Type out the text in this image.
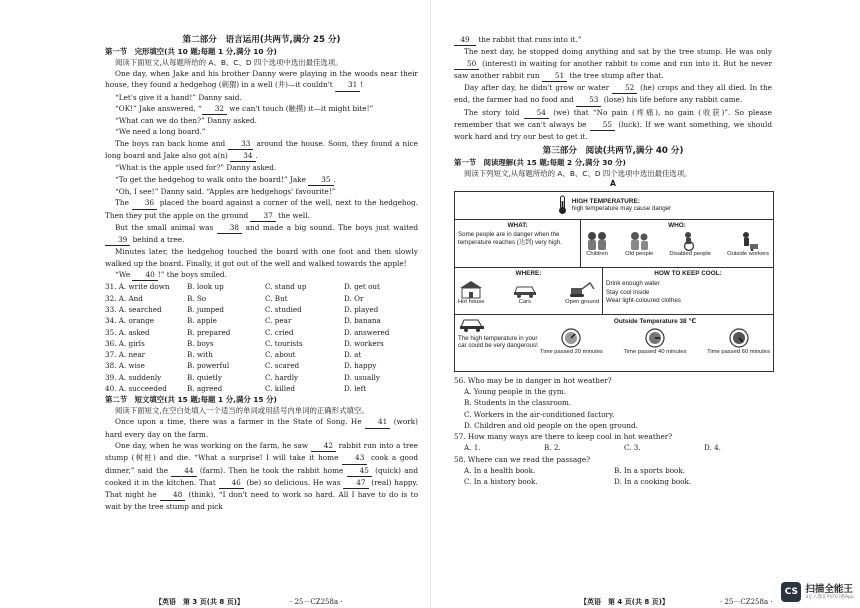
第二部分　语言运用(共两节,满分 25 分)

第一节　完形填空(共 10 题;每题 1 分,满分 10 分)

阅读下面短文,从每题所给的 A、B、C、D 四个选项中选出最佳选项。

One day, when Jake and his brother Danny were playing in the woods near their house, they found a hedgehog (刺猬) in a well (井)—it couldn't 31 !

“Let's give it a hand!” Danny said.

“OK!” Jake answered, “ 32 we can't touch (触摸) it—it might bite!”

“What can we do then?” Danny asked.

“We need a long board.”

The boys ran back home and 33 around the house. Soon, they found a nice long board and Jake also got a(n) 34 .

“What is the apple used for?” Danny asked.

“To get the hedgehog to walk onto the board!” Jake 35 .

“Oh, I see!” Danny said. “Apples are hedgehogs' favourite!”

The 36 placed the board against a corner of the well, next to the hedgehog. Then they put the apple on the ground 37 the well.

But the small animal was 38 and made a big sound. The boys just waited 39 behind a tree.

Minutes later, the hedgehog touched the board with one foot and then slowly walked up the board. Finally, it got out of the well and walked towards the apple!

“We 40 !” the boys smiled.

31. A. write down	B. look up	C. stand up	D. get out
32. A. And	B. So	C. But	D. Or
33. A. searched	B. jumped	C. studied	D. played
34. A. orange	B. apple	C. pear	D. banana
35. A. asked	B. prepared	C. cried	D. answered
36. A. girls	B. boys	C. tourists	D. workers
37. A. near	B. with	C. about	D. at
38. A. wise	B. powerful	C. scared	D. happy
39. A. suddenly	B. quietly	C. hardly	D. usually
40. A. succeeded	B. agreed	C. killed	D. left

第二节　短文填空(共 15 题;每题 1 分,满分 15 分)

阅读下面短文,在空白处填入一个适当的单词或用括号内单词的正确形式填空。

Once upon a time, there was a farmer in the State of Song. He 41 (work) hard every day on the farm.

One day, when he was working on the farm, he saw 42 rabbit run into a tree stump (树桩) and die. “What a surprise! I will take it home 43 cook a good dinner,” said the 44 (farm). Then he took the rabbit home 45 (quick) and cooked it in the kitchen. That 46 (be) so delicious. He was 47 (real) happy. That night he 48 (think), “I don't need to work so hard. All I have to do is to wait by the tree stump and pick

【英语　第 3 页(共 8 页)】	· 25－CZ258a ·

49 the rabbit that runs into it.”

The next day, he stopped doing anything and sat by the tree stump. He was only 50 (interest) in waiting for another rabbit to come and run into it. But he never saw another rabbit run 51 the tree stump after that.

Day after day, he didn't grow or water 52 (he) crops and they all died. In the end, the farmer had no food and 53 (lose) his life before any rabbit came.

The story told 54 (we) that “No pain (疼痛), no gain (收获)”. So please remember that we can't always be 55 (luck). If we want something, we should work hard and try our best to get it.

第三部分　阅读(共两节,满分 40 分)

第一节　阅读理解(共 15 题;每题 2 分,满分 30 分)

阅读下列短文,从每题所给的 A、B、C、D 四个选项中选出最佳选项。

A

HIGH TEMPERATURE:
high temperature may cause danger
WHAT:
Some people are in danger when the temperature reaches (达到) very high.
WHO:
Children	Old people	Disabled people	Outside workers
WHERE:
Hot house	Cars	Open ground
HOW TO KEEP COOL:
Drink enough water
Stay cool inside
Wear light-coloured clothes
The high temperature in your car could be very dangerous!
Outside Temperature 38 ℃
Time passed 20 minutes	Time passed 40 minutes	Time passed 60 minutes

56. Who may be in danger in hot weather?

A. Young people in the gym.

B. Students in the classroom.

C. Workers in the air-conditioned factory.

D. Children and old people on the open ground.

57. How many ways are there to keep cool in hot weather?

A. 1.	B. 2.	C. 3.	D. 4.

58. Where can we read the passage?

A. In a health book.	B. In a sports book.
C. In a history book.	D. In a cooking book.
【英语　第 4 页(共 8 页)】	· 25－CZ258a ·
CS 扫描全能王
3亿人都在用的扫描App
